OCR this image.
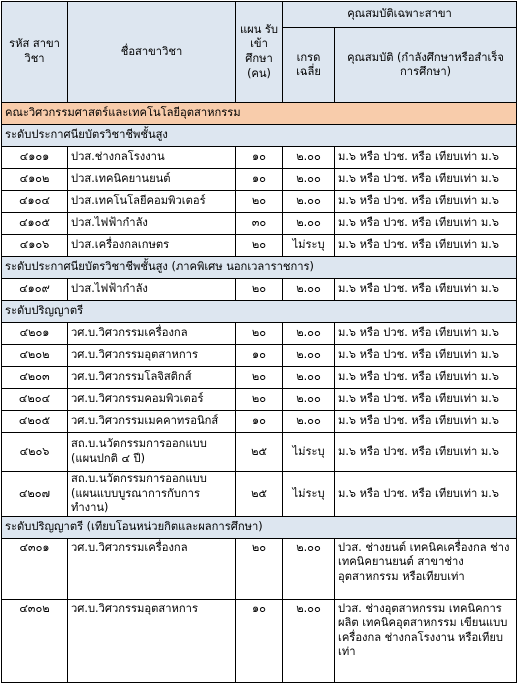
รหัส สาขาวิชา	ชื่อสาขาวิชา	แผน รับเข้า ศึกษา (คน)	คุณสมบัติเฉพาะสาขา	
			เกรด เฉลี่ย	คุณสมบัติ (กำลังศึกษาหรือสำเร็จการศึกษา)
คณะวิศวกรรมศาสตร์และเทคโนโลยีอุตสาหกรรม				
ระดับประกาศนียบัตรวิชาชีพชั้นสูง				
๔๑๐๑	ปวส.ช่างกลโรงงาน	๑๐	๒.๐๐	ม.๖ หรือ ปวช. หรือ เทียบเท่า ม.๖
๔๑๐๒	ปวส.เทคนิคยานยนต์	๑๐	๒.๐๐	ม.๖ หรือ ปวช. หรือ เทียบเท่า ม.๖
๔๑๐๔	ปวส.เทคโนโลยีคอมพิวเตอร์	๒๐	๒.๐๐	ม.๖ หรือ ปวช. หรือ เทียบเท่า ม.๖
๔๑๐๕	ปวส.ไฟฟ้ากำลัง	๓๐	๒.๐๐	ม.๖ หรือ ปวช. หรือ เทียบเท่า ม.๖
๔๑๐๖	ปวส.เครื่องกลเกษตร	๒๐	ไม่ระบุ	ม.๖ หรือ ปวช. หรือ เทียบเท่า ม.๖
ระดับประกาศนียบัตรวิชาชีพชั้นสูง (ภาคพิเศษ นอกเวลาราชการ)				
๔๑๐๙	ปวส.ไฟฟ้ากำลัง	๒๐	๒.๐๐	ม.๖ หรือ ปวช. หรือ เทียบเท่า ม.๖
ระดับปริญญาตรี				
๔๒๐๑	วศ.บ.วิศวกรรมเครื่องกล	๒๐	๒.๐๐	ม.๖ หรือ ปวช. หรือ เทียบเท่า ม.๖
๔๒๐๒	วศ.บ.วิศวกรรมอุตสาหการ	๑๐	๒.๐๐	ม.๖ หรือ ปวช. หรือ เทียบเท่า ม.๖
๔๒๐๓	วศ.บ.วิศวกรรมโลจิสติกส์	๒๐	๒.๐๐	ม.๖ หรือ ปวช. หรือ เทียบเท่า ม.๖
๔๒๐๔	วศ.บ.วิศวกรรมคอมพิวเตอร์	๒๐	๒.๐๐	ม.๖ หรือ ปวช. หรือ เทียบเท่า ม.๖
๔๒๐๕	วศ.บ.วิศวกรรมเมคคาทรอนิกส์	๑๐	๒.๐๐	ม.๖ หรือ ปวช. หรือ เทียบเท่า ม.๖
๔๒๐๖	สถ.บ.นวัตกรรมการออกแบบ (แผนปกติ ๔ ปี)	๒๕	ไม่ระบุ	ม.๖ หรือ ปวช. หรือ เทียบเท่า ม.๖
๔๒๐๗	สถ.บ.นวัตกรรมการออกแบบ (แผนแบบบูรณาการกับการทำงาน)	๒๕	ไม่ระบุ	ม.๖ หรือ ปวช. หรือ เทียบเท่า ม.๖
ระดับปริญญาตรี (เทียบโอนหน่วยกิตและผลการศึกษา)				
๔๓๐๑	วศ.บ.วิศวกรรมเครื่องกล	๒๐	๒.๐๐	ปวส. ช่างยนต์ เทคนิคเครื่องกล ช่างเทคนิคยานยนต์ สาขาช่างอุตสาหกรรม หรือเทียบเท่า
๔๓๐๒	วศ.บ.วิศวกรรมอุตสาหการ	๑๐	๒.๐๐	ปวส. ช่างอุตสาหกรรม เทคนิคการผลิต เทคนิคอุตสาหกรรม เขียนแบบเครื่องกล ช่างกลโรงงาน หรือเทียบเท่า
